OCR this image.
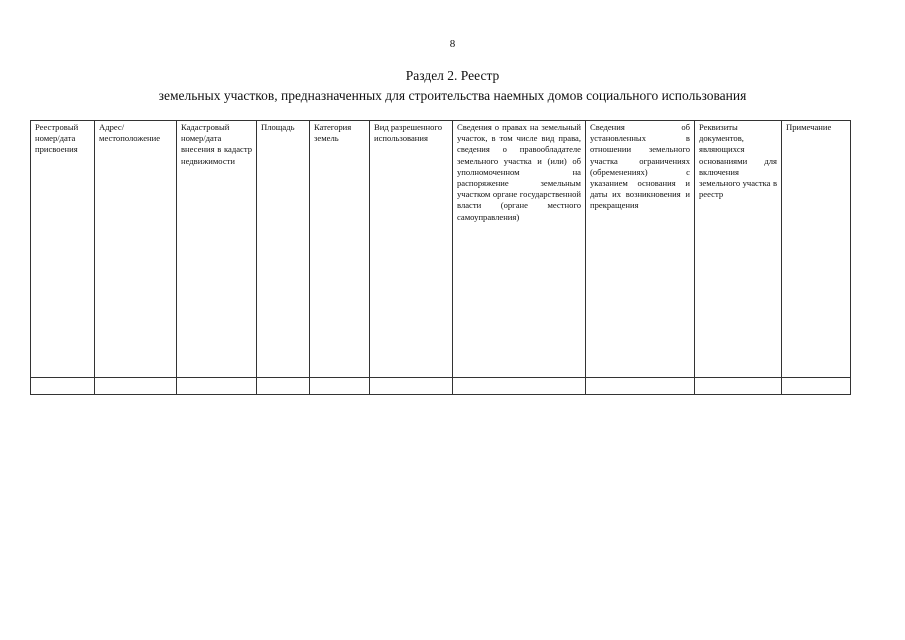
8
Раздел 2. Реестр
земельных участков, предназначенных для строительства наемных домов социального использования
Реестровый номер/дата присвоения	Адрес/ местоположение	Кадастровый номер/дата внесения в кадастр недвижимости	Площадь	Категория земель	Вид разрешенного использования	Сведения о правах на земельный участок, в том числе вид права, сведения о правообладателе земельного участка и (или) об уполномоченном на распоряжение земельным участком органе государственной власти (органе местного самоуправления)	Сведения об установленных в отношении земельного участка ограничениях (обременениях) с указанием основания и даты их возникновения и прекращения	Реквизиты документов, являющихся основаниями для включения земельного участка в реестр	Примечание
